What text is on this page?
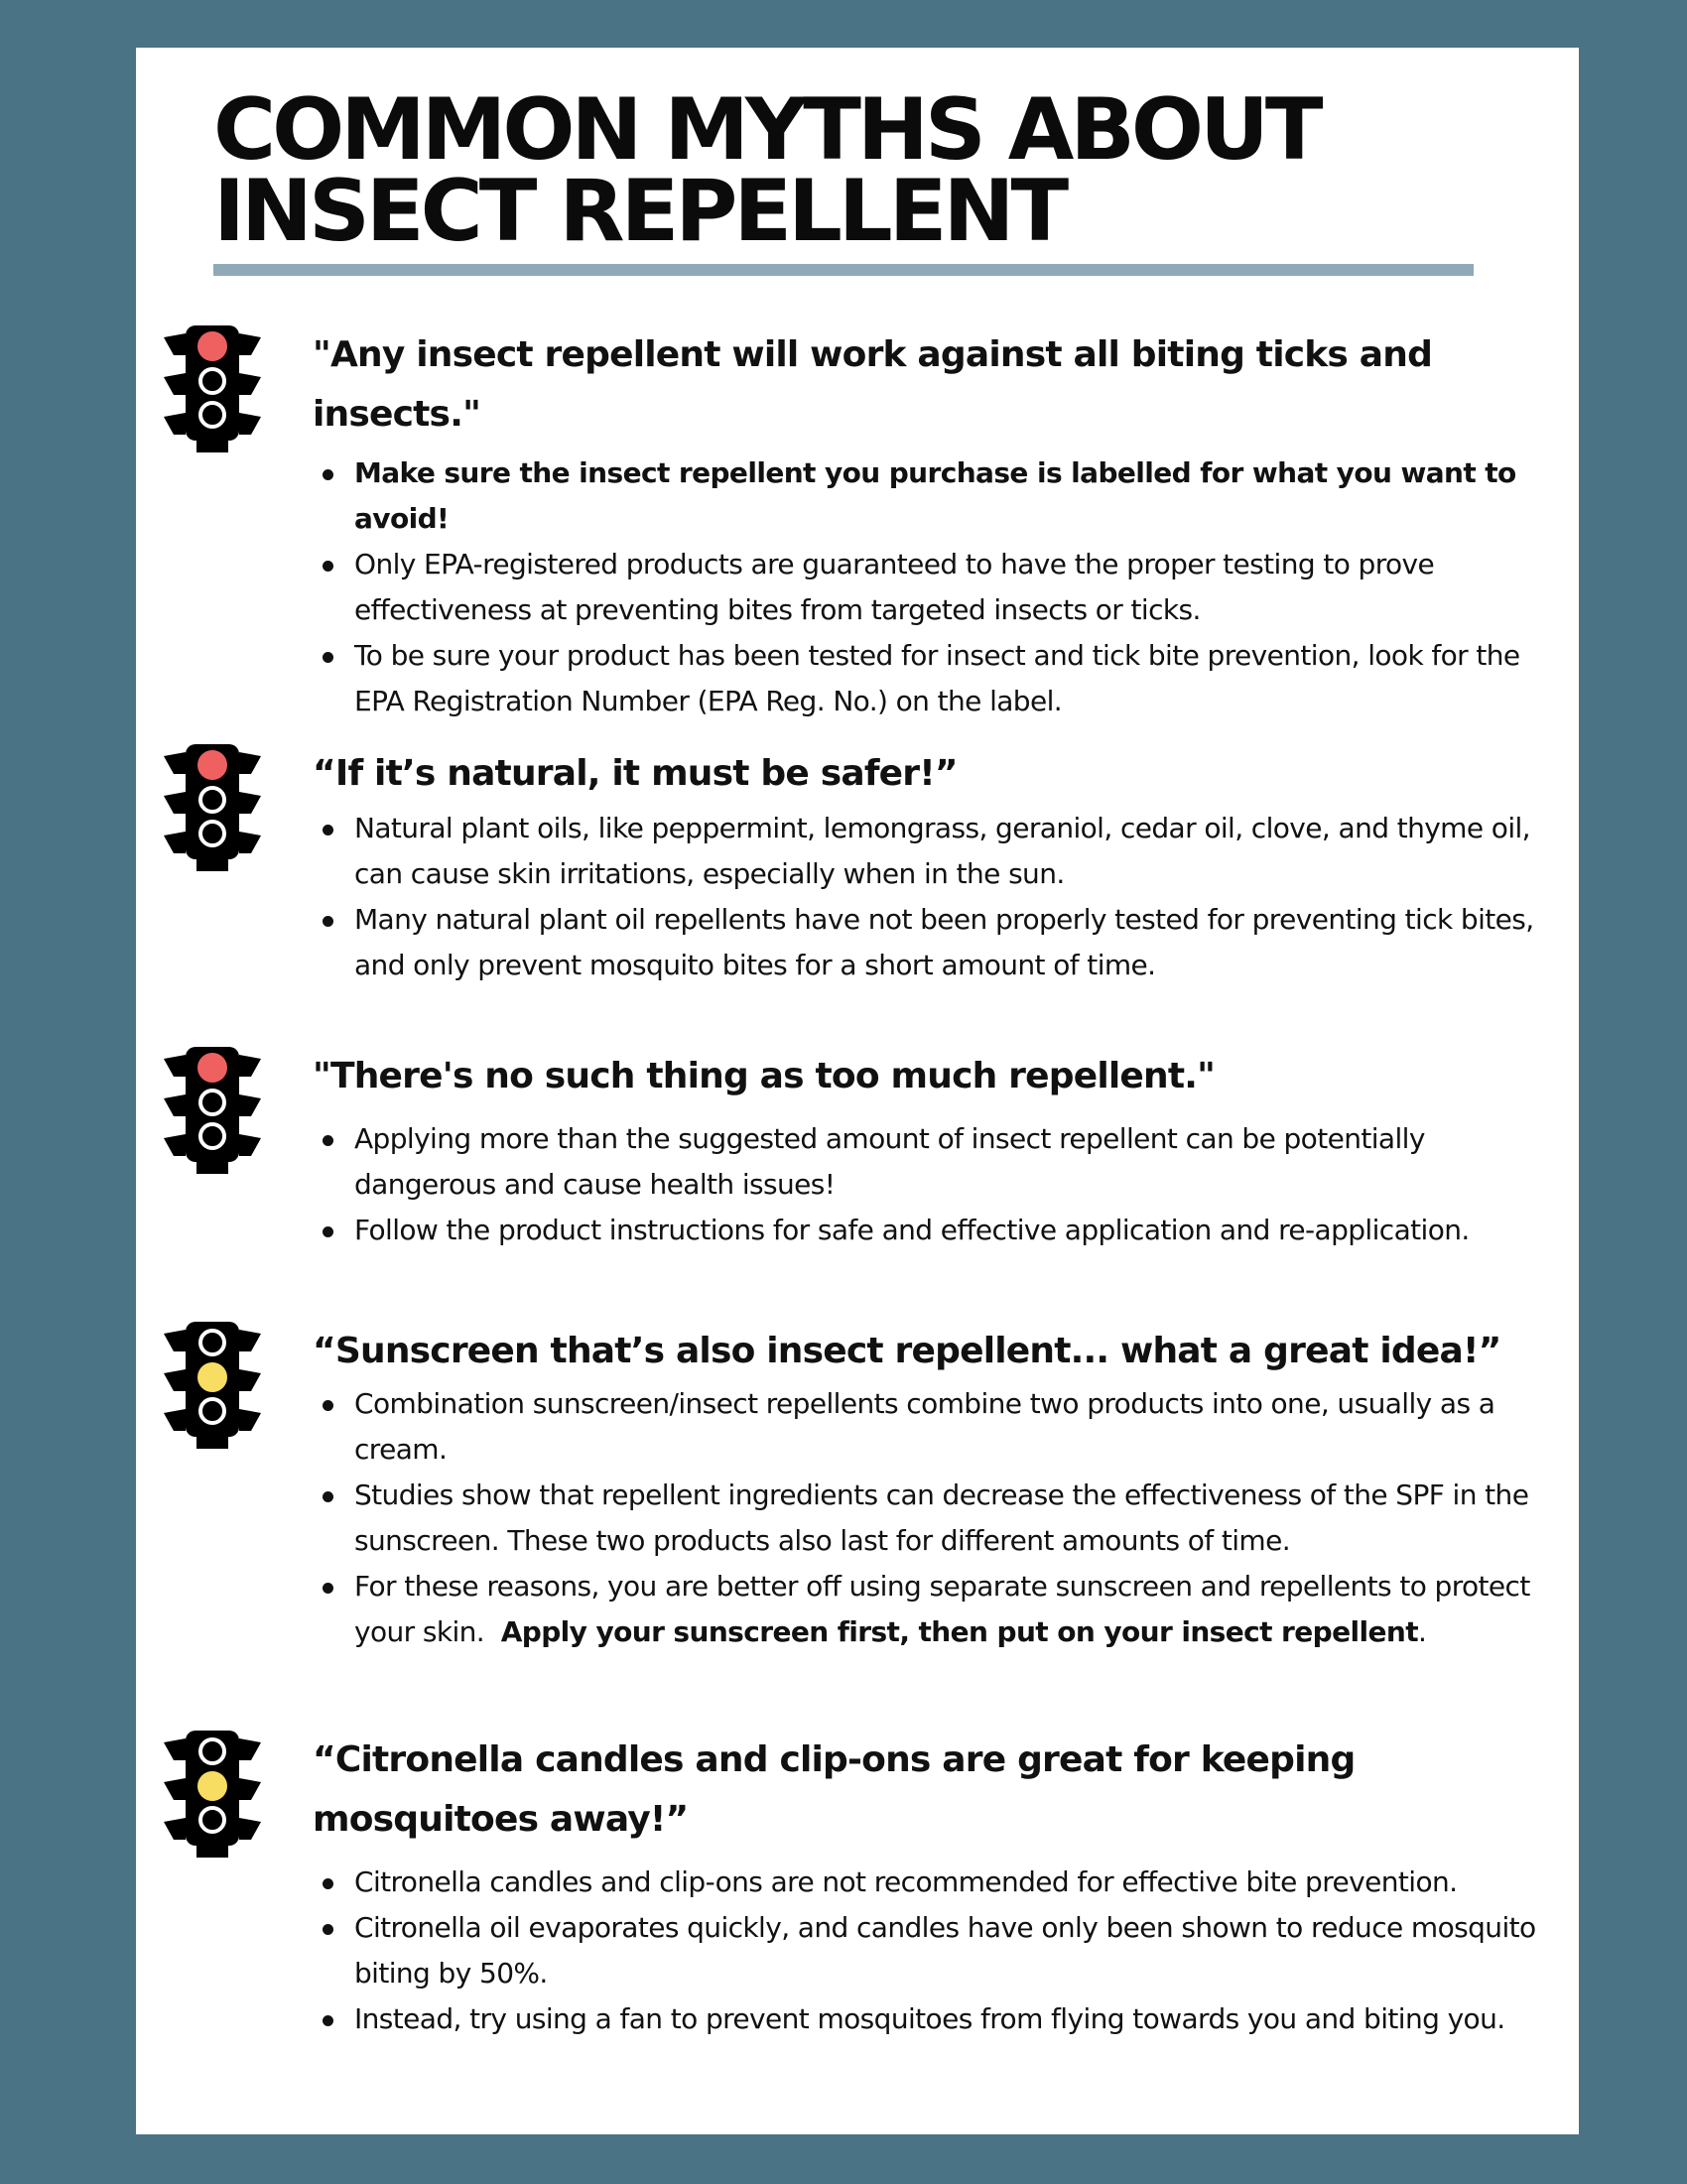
COMMON MYTHS ABOUT
INSECT REPELLENT
"Any insect repellent will work against all biting ticks and insects."
Make sure the insect repellent you purchase is labelled for what you want to avoid!
Only EPA-registered products are guaranteed to have the proper testing to prove effectiveness at preventing bites from targeted insects or ticks.
To be sure your product has been tested for insect and tick bite prevention, look for the EPA Registration Number (EPA Reg. No.) on the label.
“If it’s natural, it must be safer!”
Natural plant oils, like peppermint, lemongrass, geraniol, cedar oil, clove, and thyme oil, can cause skin irritations, especially when in the sun.
Many natural plant oil repellents have not been properly tested for preventing tick bites, and only prevent mosquito bites for a short amount of time.
"There's no such thing as too much repellent."
Applying more than the suggested amount of insect repellent can be potentially dangerous and cause health issues!
Follow the product instructions for safe and effective application and re-application.
“Sunscreen that’s also insect repellent... what a great idea!”
Combination sunscreen/insect repellents combine two products into one, usually as a cream.
Studies show that repellent ingredients can decrease the effectiveness of the SPF in the sunscreen. These two products also last for different amounts of time.
For these reasons, you are better off using separate sunscreen and repellents to protect your skin. Apply your sunscreen first, then put on your insect repellent.
“Citronella candles and clip-ons are great for keeping mosquitoes away!”
Citronella candles and clip-ons are not recommended for effective bite prevention.
Citronella oil evaporates quickly, and candles have only been shown to reduce mosquito biting by 50%.
Instead, try using a fan to prevent mosquitoes from flying towards you and biting you.
